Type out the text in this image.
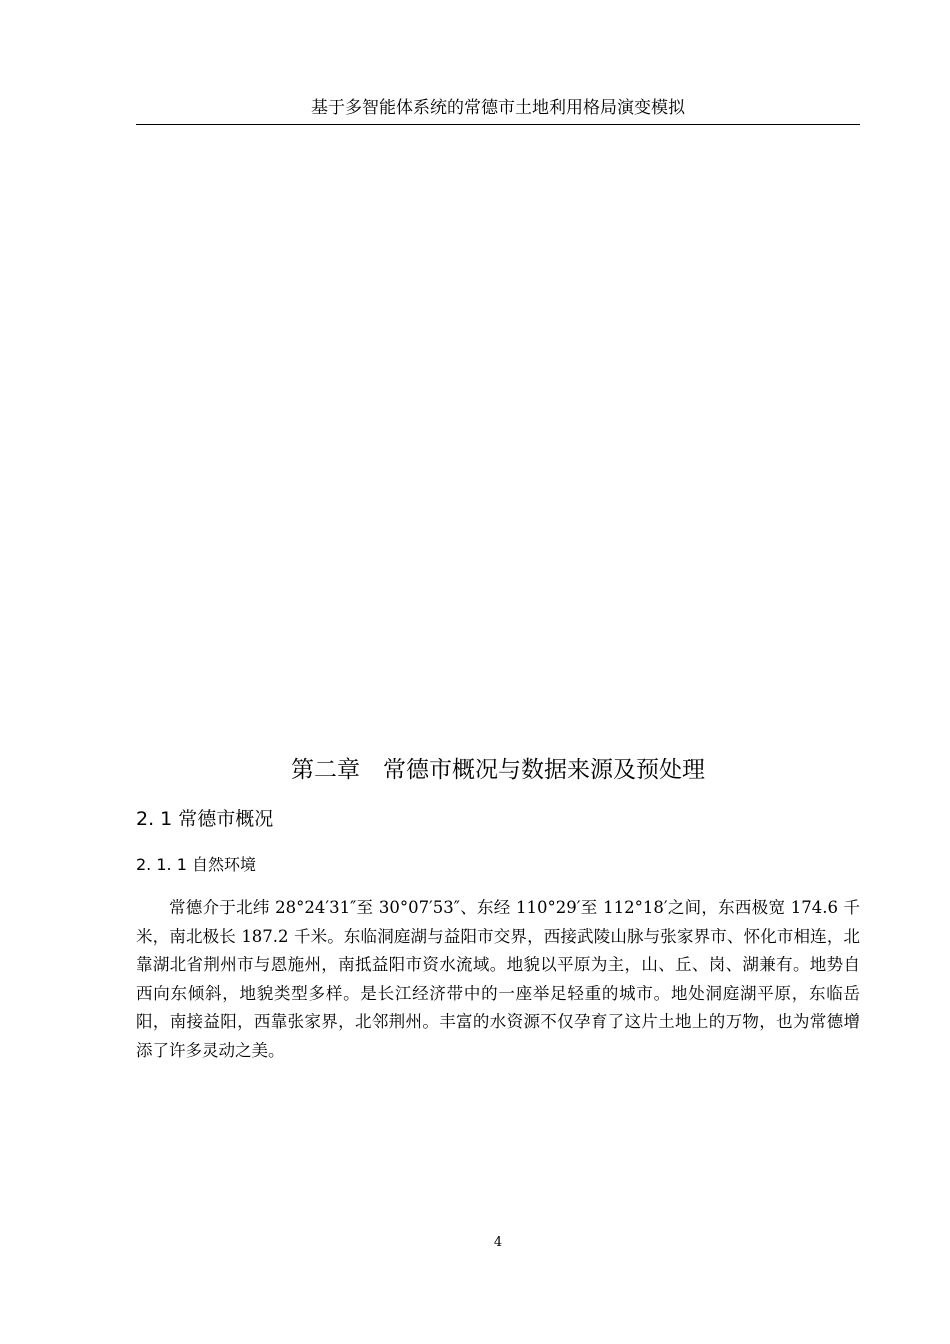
基于多智能体系统的常德市土地利用格局演变模拟
第二章　常德市概况与数据来源及预处理
2. 1 常德市概况
2. 1. 1 自然环境

常德介于北纬 28°24′31″至 30°07′53″、东经 110°29′至 112°18′之间，东西极宽 174.6 千米，南北极长 187.2 千米。东临洞庭湖与益阳市交界，西接武陵山脉与张家界市、怀化市相连，北靠湖北省荆州市与恩施州，南抵益阳市资水流域。地貌以平原为主，山、丘、岗、湖兼有。地势自西向东倾斜，地貌类型多样。是长江经济带中的一座举足轻重的城市。地处洞庭湖平原，东临岳阳，南接益阳，西靠张家界，北邻荆州。丰富的水资源不仅孕育了这片土地上的万物，也为常德增添了许多灵动之美。

4
